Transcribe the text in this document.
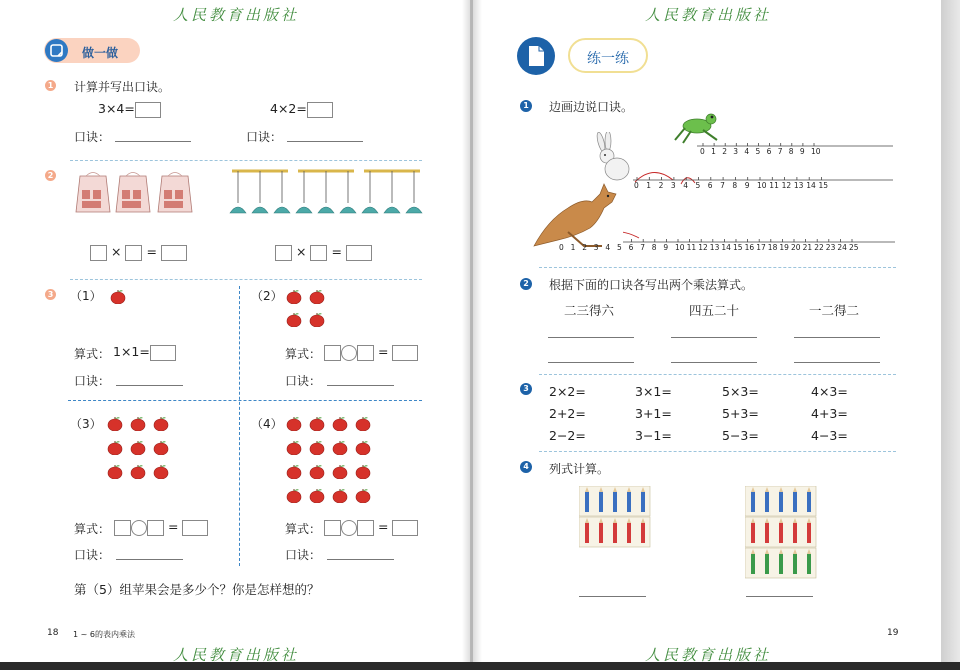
人民教育出版社
做一做
1 计算并写出口诀。
3×4=	4×2=
口诀：	口诀：
2
× =	× =
3 （1）	（2）
（3）	（4）
算式： 1×1=
口诀：
算式：	=
口诀：
算式：	=
口诀：
算式：	=
口诀：
第（5）组苹果会是多少个？你是怎样想的？
18 1 ~ 6的表内乘法
人民教育出版社
人民教育出版社
练一练
1 边画边说口诀。
0 1 2 3 4 5 6 7 8 9 10
0 1 2 3 4 5 6 7 8 9 10 11 12 13 14 15
0 1 2 3 4 5 6 7 8 9 10 11 12 13 14 15 16 17 18 19 20 21 22 23 24 25
2 根据下面的口诀各写出两个乘法算式。
二三得六	四五二十	一二得二
3 2×2=	3×1=	5×3=	4×3=
2+2=	3+1=	5+3=	4+3=
2−2=	3−1=	5−3=	4−3=
4 列式计算。
19
人民教育出版社
